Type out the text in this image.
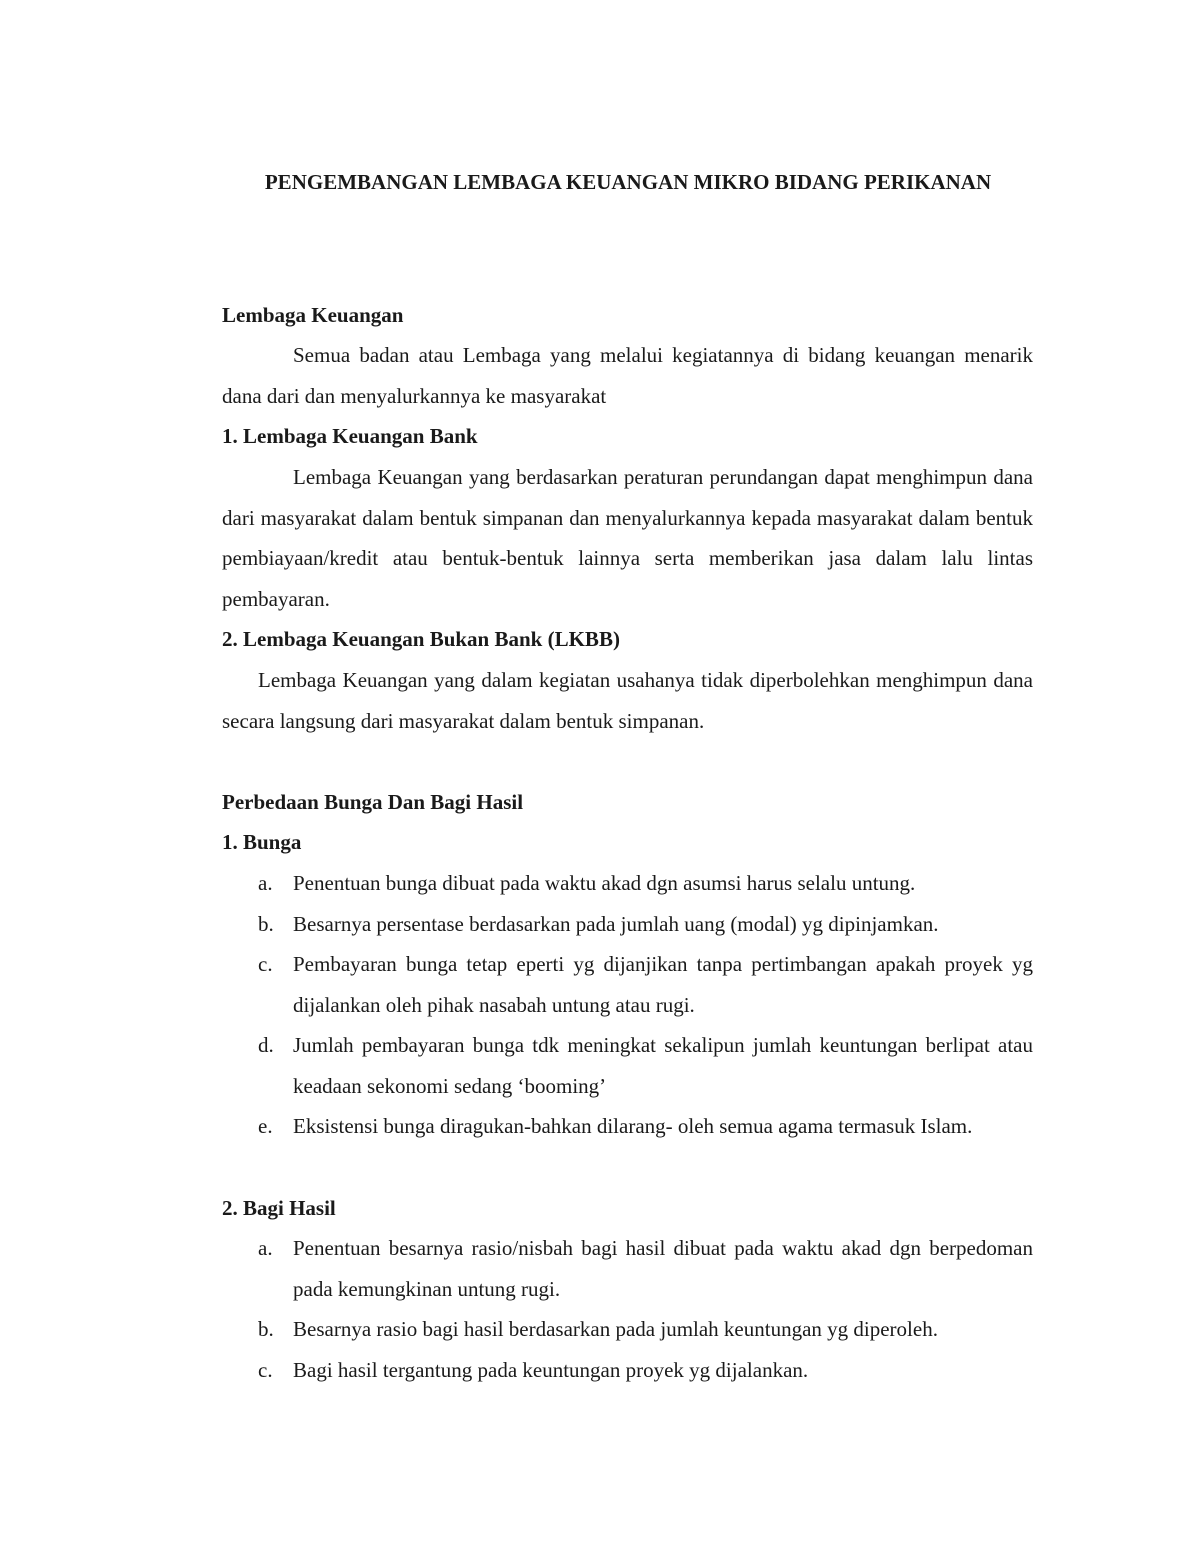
PENGEMBANGAN LEMBAGA KEUANGAN MIKRO BIDANG PERIKANAN

Lembaga Keuangan

Semua badan atau Lembaga yang melalui kegiatannya di bidang keuangan menarik dana dari dan menyalurkannya ke masyarakat

1. Lembaga Keuangan Bank

Lembaga Keuangan yang berdasarkan peraturan perundangan dapat menghimpun dana dari masyarakat dalam bentuk simpanan dan menyalurkannya kepada masyarakat dalam bentuk pembiayaan/kredit atau bentuk-bentuk lainnya serta memberikan jasa dalam lalu lintas pembayaran.

2. Lembaga Keuangan Bukan Bank (LKBB)

Lembaga Keuangan yang dalam kegiatan usahanya tidak diperbolehkan menghimpun dana secara langsung dari masyarakat dalam bentuk simpanan.

Perbedaan Bunga Dan Bagi Hasil

1. Bunga

a. Penentuan bunga dibuat pada waktu akad dgn asumsi harus selalu untung.
b. Besarnya persentase berdasarkan pada jumlah uang (modal) yg dipinjamkan.
c. Pembayaran bunga tetap eperti yg dijanjikan tanpa pertimbangan apakah proyek yg dijalankan oleh pihak nasabah untung atau rugi.
d. Jumlah pembayaran bunga tdk meningkat sekalipun jumlah keuntungan berlipat atau keadaan sekonomi sedang ‘booming’
e. Eksistensi bunga diragukan-bahkan dilarang- oleh semua agama termasuk Islam.

2. Bagi Hasil

a. Penentuan besarnya rasio/nisbah bagi hasil dibuat pada waktu akad dgn berpedoman pada kemungkinan untung rugi.
b. Besarnya rasio bagi hasil berdasarkan pada jumlah keuntungan yg diperoleh.
c. Bagi hasil tergantung pada keuntungan proyek yg dijalankan.
